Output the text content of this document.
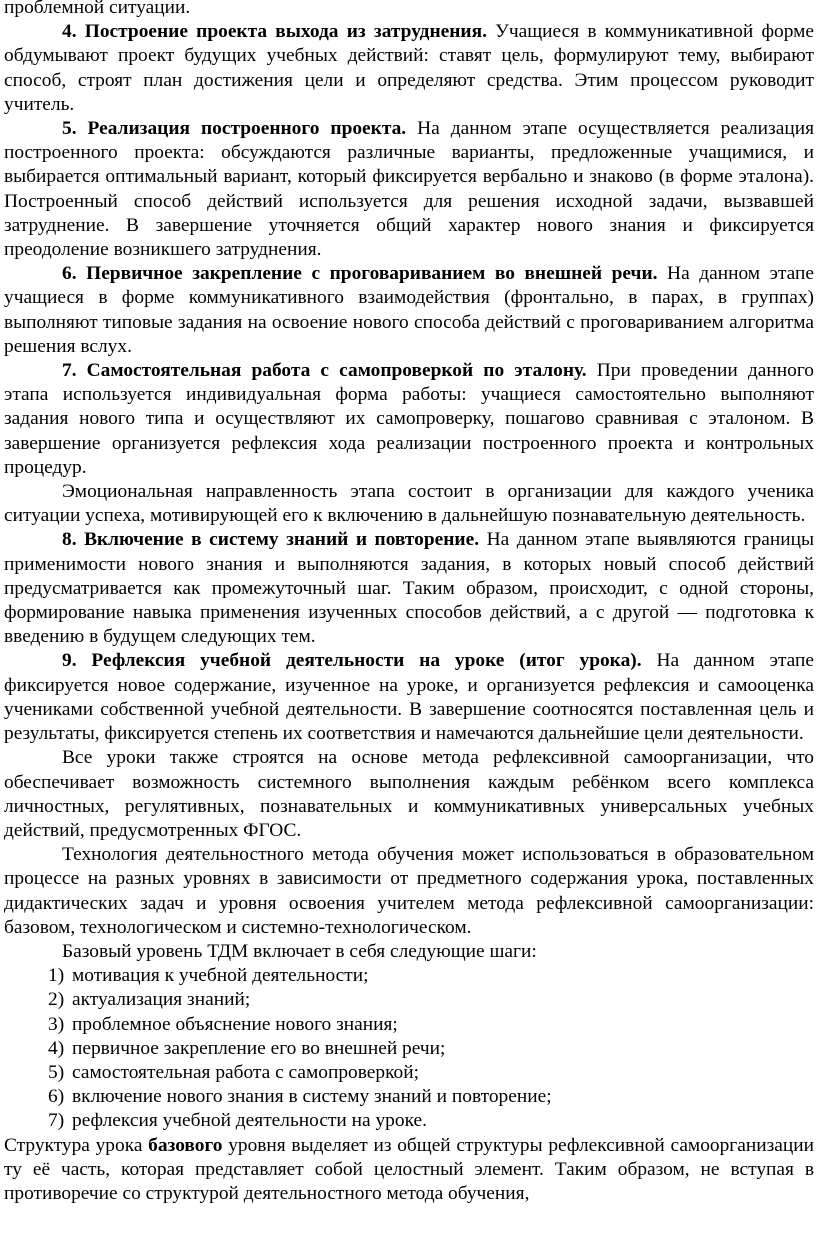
проблемной ситуации.

4. Построение проекта выхода из затруднения. Учащиеся в коммуникативной форме обдумывают проект будущих учебных действий: ставят цель, формулируют тему, выбирают способ, строят план достижения цели и определяют средства. Этим процессом руководит учитель.

5. Реализация построенного проекта. На данном этапе осуществляется реализация построенного проекта: обсуждаются различные варианты, предложенные учащимися, и выбирается оптимальный вариант, который фиксируется вербально и знаково (в форме эталона). Построенный способ действий используется для решения исходной задачи, вызвавшей затруднение. В завершение уточняется общий характер нового знания и фиксируется преодоление возникшего затруднения.

6. Первичное закрепление с проговариванием во внешней речи. На данном этапе учащиеся в форме коммуникативного взаимодействия (фронтально, в парах, в группах) выполняют типовые задания на освоение нового способа действий с проговариванием алгоритма решения вслух.

7. Самостоятельная работа с самопроверкой по эталону. При проведении данного этапа используется индивидуальная форма работы: учащиеся самостоятельно выполняют задания нового типа и осуществляют их самопроверку, пошагово сравнивая с эталоном. В завершение организуется рефлексия хода реализации построенного проекта и контрольных процедур.

Эмоциональная направленность этапа состоит в организации для каждого ученика ситуации успеха, мотивирующей его к включению в дальнейшую познавательную деятельность.

8. Включение в систему знаний и повторение. На данном этапе выявляются границы применимости нового знания и выполняются задания, в которых новый способ действий предусматривается как промежуточный шаг. Таким образом, происходит, с одной стороны, формирование навыка применения изученных способов действий, а с другой — подготовка к введению в будущем следующих тем.

9. Рефлексия учебной деятельности на уроке (итог урока). На данном этапе фиксируется новое содержание, изученное на уроке, и организуется рефлексия и самооценка учениками собственной учебной деятельности. В завершение соотносятся поставленная цель и результаты, фиксируется степень их соответствия и намечаются дальнейшие цели деятельности.

Все уроки также строятся на основе метода рефлексивной самоорганизации, что обеспечивает возможность системного выполнения каждым ребёнком всего комплекса личностных, регулятивных, познавательных и коммуникативных универсальных учебных действий, предусмотренных ФГОС.

Технология деятельностного метода обучения может использоваться в образовательном процессе на разных уровнях в зависимости от предметного содержания урока, поставленных дидактических задач и уровня освоения учителем метода рефлексивной самоорганизации: базовом, технологическом и системно-технологическом.

Базовый уровень ТДМ включает в себя следующие шаги:

1) мотивация к учебной деятельности;
2) актуализация знаний;
3) проблемное объяснение нового знания;
4) первичное закрепление его во внешней речи;
5) самостоятельная работа с самопроверкой;
6) включение нового знания в систему знаний и повторение;
7) рефлексия учебной деятельности на уроке.

Структура урока базового уровня выделяет из общей структуры рефлексивной самоорганизации ту её часть, которая представляет собой целостный элемент. Таким образом, не вступая в противоречие со структурой деятельностного метода обучения,
